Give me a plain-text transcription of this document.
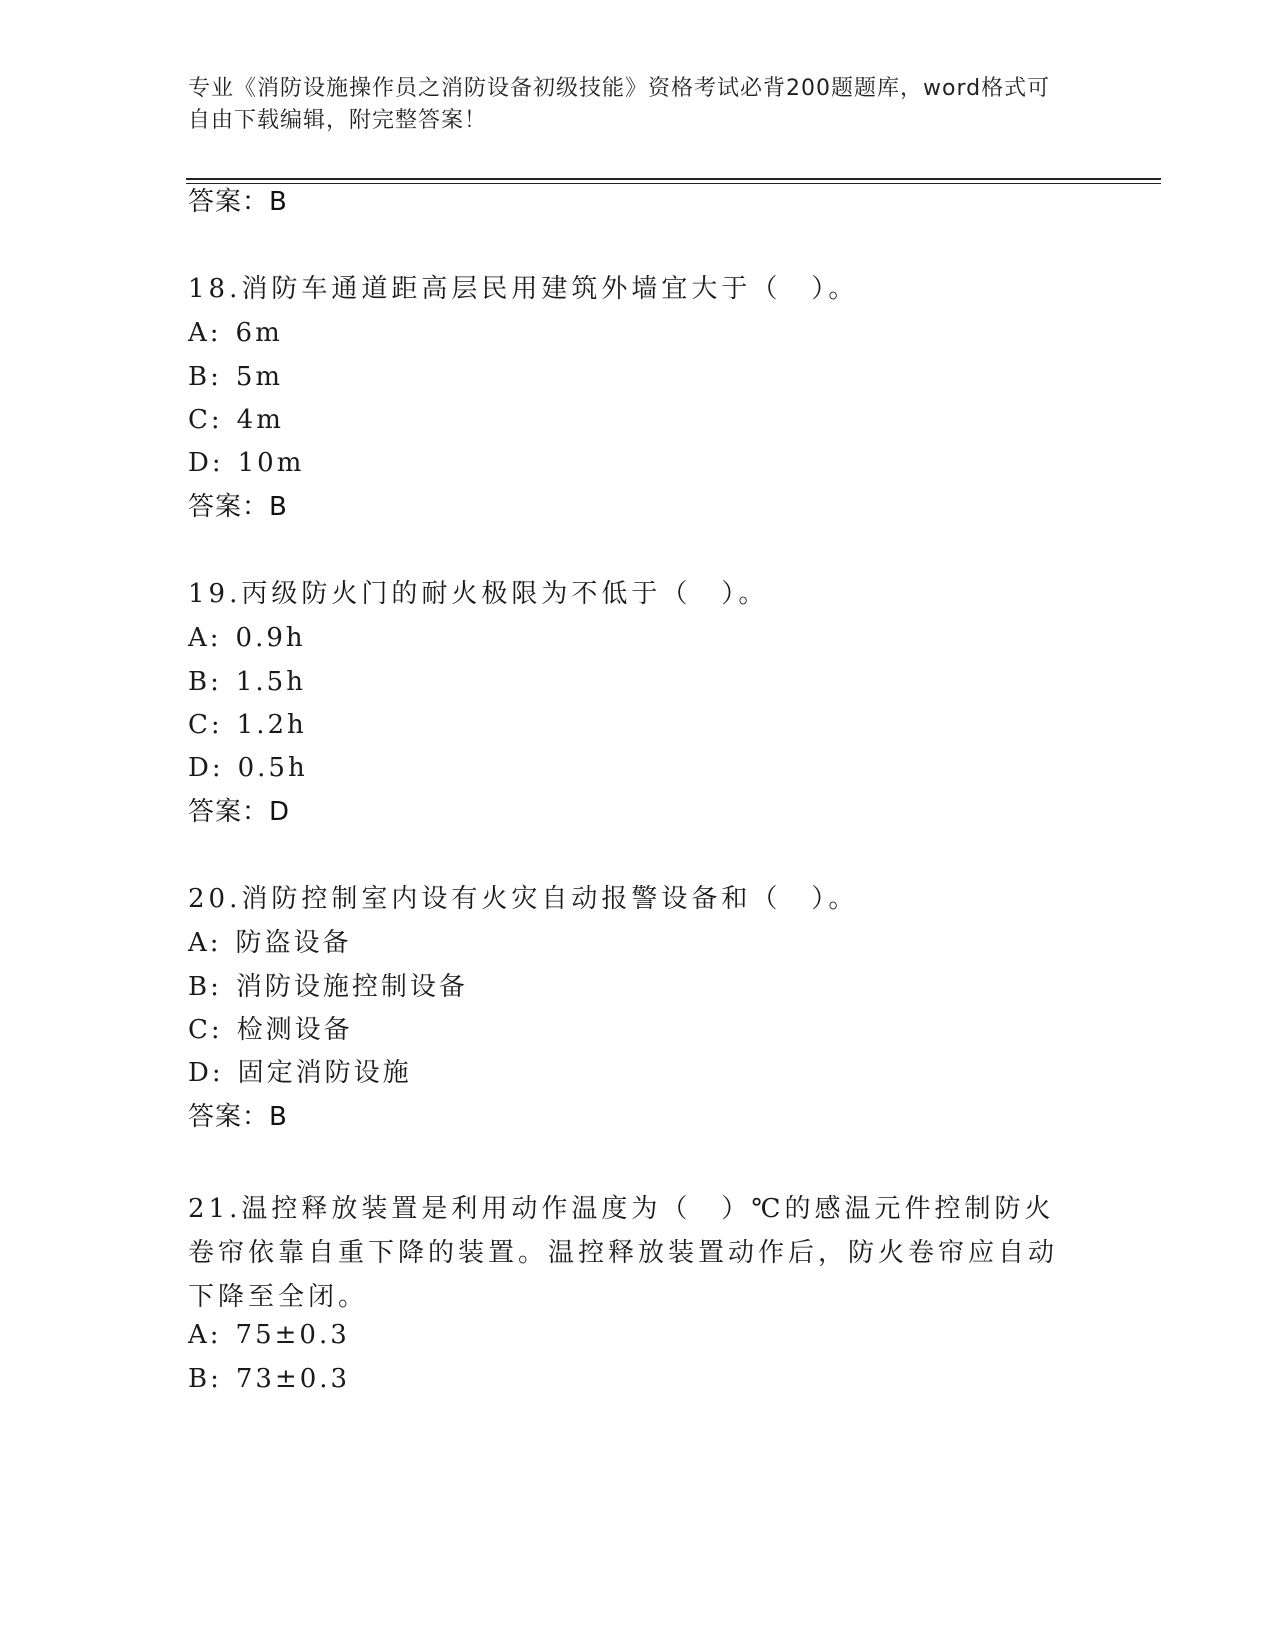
专业《消防设施操作员之消防设备初级技能》资格考试必背200题题库，word格式可自由下载编辑，附完整答案！
答案：B
18.消防车通道距高层民用建筑外墙宜大于（　）。
A: 6m
B: 5m
C: 4m
D: 10m
答案：B
19.丙级防火门的耐火极限为不低于（　）。
A: 0.9h
B: 1.5h
C: 1.2h
D: 0.5h
答案：D
20.消防控制室内设有火灾自动报警设备和（　）。
A: 防盗设备
B: 消防设施控制设备
C: 检测设备
D: 固定消防设施
答案：B
21.温控释放装置是利用动作温度为（　）℃的感温元件控制防火卷帘依靠自重下降的装置。温控释放装置动作后，防火卷帘应自动下降至全闭。
A: 75±0.3
B: 73±0.3
